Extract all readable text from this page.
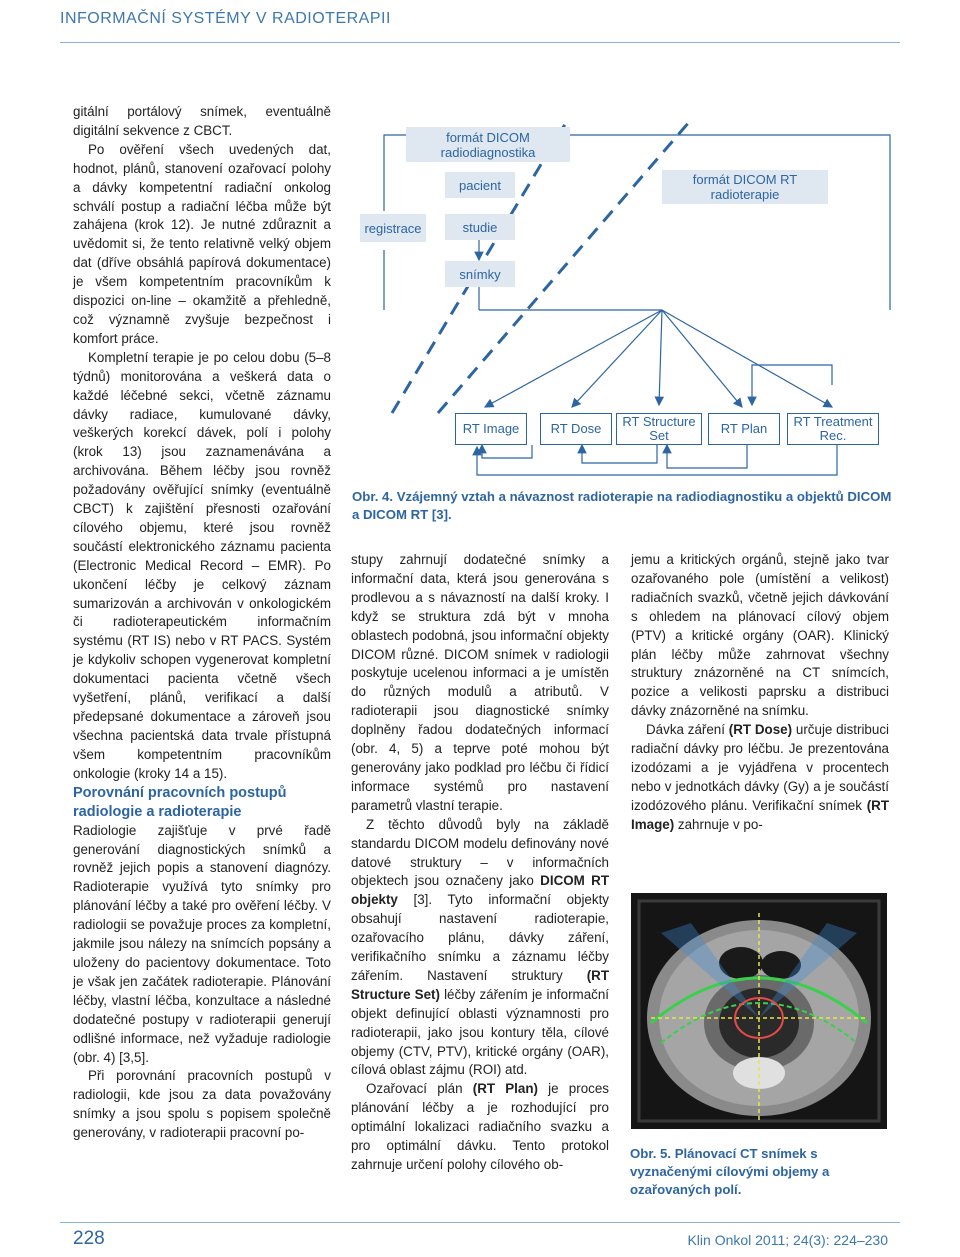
INFORMAČNÍ SYSTÉMY V RADIOTERAPII

gitální portálový snímek, eventuálně digitální sekvence z CBCT.

Po ověření všech uvedených dat, hodnot, plánů, stanovení ozařovací polohy a dávky kompetentní radiační onkolog schválí postup a radiační léčba může být zahájena (krok 12). Je nutné zdůraznit a uvědomit si, že tento relativně velký objem dat (dříve obsáhlá papírová dokumentace) je všem kompetentním pracovníkům k dispozici on-line – okamžitě a přehledně, což významně zvyšuje bezpečnost i komfort práce.

Kompletní terapie je po celou dobu (5–8 týdnů) monitorována a veškerá data o každé léčebné sekci, včetně záznamu dávky radiace, kumulované dávky, veškerých korekcí dávek, polí i polohy (krok 13) jsou zaznamenávána a archivována. Během léčby jsou rovněž požadovány ověřující snímky (eventuálně CBCT) k zajištění přesnosti ozařování cílového objemu, které jsou rovněž součástí elektronického záznamu pacienta (Electronic Medical Record – EMR). Po ukončení léčby je celkový záznam sumarizován a archivován v onkologickém či radioterapeutickém informačním systému (RT IS) nebo v RT PACS. Systém je kdykoliv schopen vygenerovat kompletní dokumentaci pacienta včetně všech vyšetření, plánů, verifikací a další předepsané dokumentace a zároveň jsou všechna pacientská data trvale přístupná všem kompetentním pracovníkům onkologie (kroky 14 a 15).

Porovnání pracovních postupů radiologie a radioterapie

Radiologie zajišťuje v prvé řadě generování diagnostických snímků a rovněž jejich popis a stanovení diagnózy. Radioterapie využívá tyto snímky pro plánování léčby a také pro ověření léčby. V radiologii se považuje proces za kompletní, jakmile jsou nálezy na snímcích popsány a uloženy do pacientovy dokumentace. Toto je však jen začátek radioterapie. Plánování léčby, vlastní léčba, konzultace a následné dodatečné postupy v radioterapii generují odlišné informace, než vyžaduje radiologie (obr. 4) [3,5].

Při porovnání pracovních postupů v radiologii, kde jsou za data považovány snímky a jsou spolu s popisem společně generovány, v radioterapii pracovní po-

formát DICOM
radiodiagnostika
formát DICOM RT
radioterapie
registrace
pacient
studie
snímky
RT Image	RT Dose	RT Structure
Set	RT Plan	RT Treatment
Rec.
Obr. 4. Vzájemný vztah a návaznost radioterapie na radiodiagnostiku a objektů DICOM a DICOM RT [3].

stupy zahrnují dodatečné snímky a informační data, která jsou generována s prodlevou a s návazností na další kroky. I když se struktura zdá být v mnoha oblastech podobná, jsou informační objekty DICOM různé. DICOM snímek v radiologii poskytuje ucelenou informaci a je umístěn do různých modulů a atributů. V radioterapii jsou diagnostické snímky doplněny řadou dodatečných informací (obr. 4, 5) a teprve poté mohou být generovány jako podklad pro léčbu či řídicí informace systémů pro nastavení parametrů vlastní terapie.

Z těchto důvodů byly na základě standardu DICOM modelu definovány nové datové struktury – v informačních objektech jsou označeny jako DICOM RT objekty [3]. Tyto informační objekty obsahují nastavení radioterapie, ozařovacího plánu, dávky záření, verifikačního snímku a záznamu léčby zářením. Nastavení struktury (RT Structure Set) léčby zářením je informační objekt definující oblasti významnosti pro radioterapii, jako jsou kontury těla, cílové objemy (CTV, PTV), kritické orgány (OAR), cílová oblast zájmu (ROI) atd.

Ozařovací plán (RT Plan) je proces plánování léčby a je rozhodující pro optimální lokalizaci radiačního svazku a pro optimální dávku. Tento protokol zahrnuje určení polohy cílového ob-

jemu a kritických orgánů, stejně jako tvar ozařovaného pole (umístění a velikost) radiačních svazků, včetně jejich dávkování s ohledem na plánovací cílový objem (PTV) a kritické orgány (OAR). Klinický plán léčby může zahrnovat všechny struktury znázorněné na CT snímcích, pozice a velikosti paprsku a distribuci dávky znázorněné na snímku.

Dávka záření (RT Dose) určuje distribuci radiační dávky pro léčbu. Je prezentována izodózami a je vyjádřena v procentech nebo v jednotkách dávky (Gy) a je součástí izodózového plánu. Verifikační snímek (RT Image) zahrnuje v po-

Obr. 5. Plánovací CT snímek s vyznačenými cílovými objemy a ozařovaných polí.
228	Klin Onkol 2011; 24(3): 224–230
